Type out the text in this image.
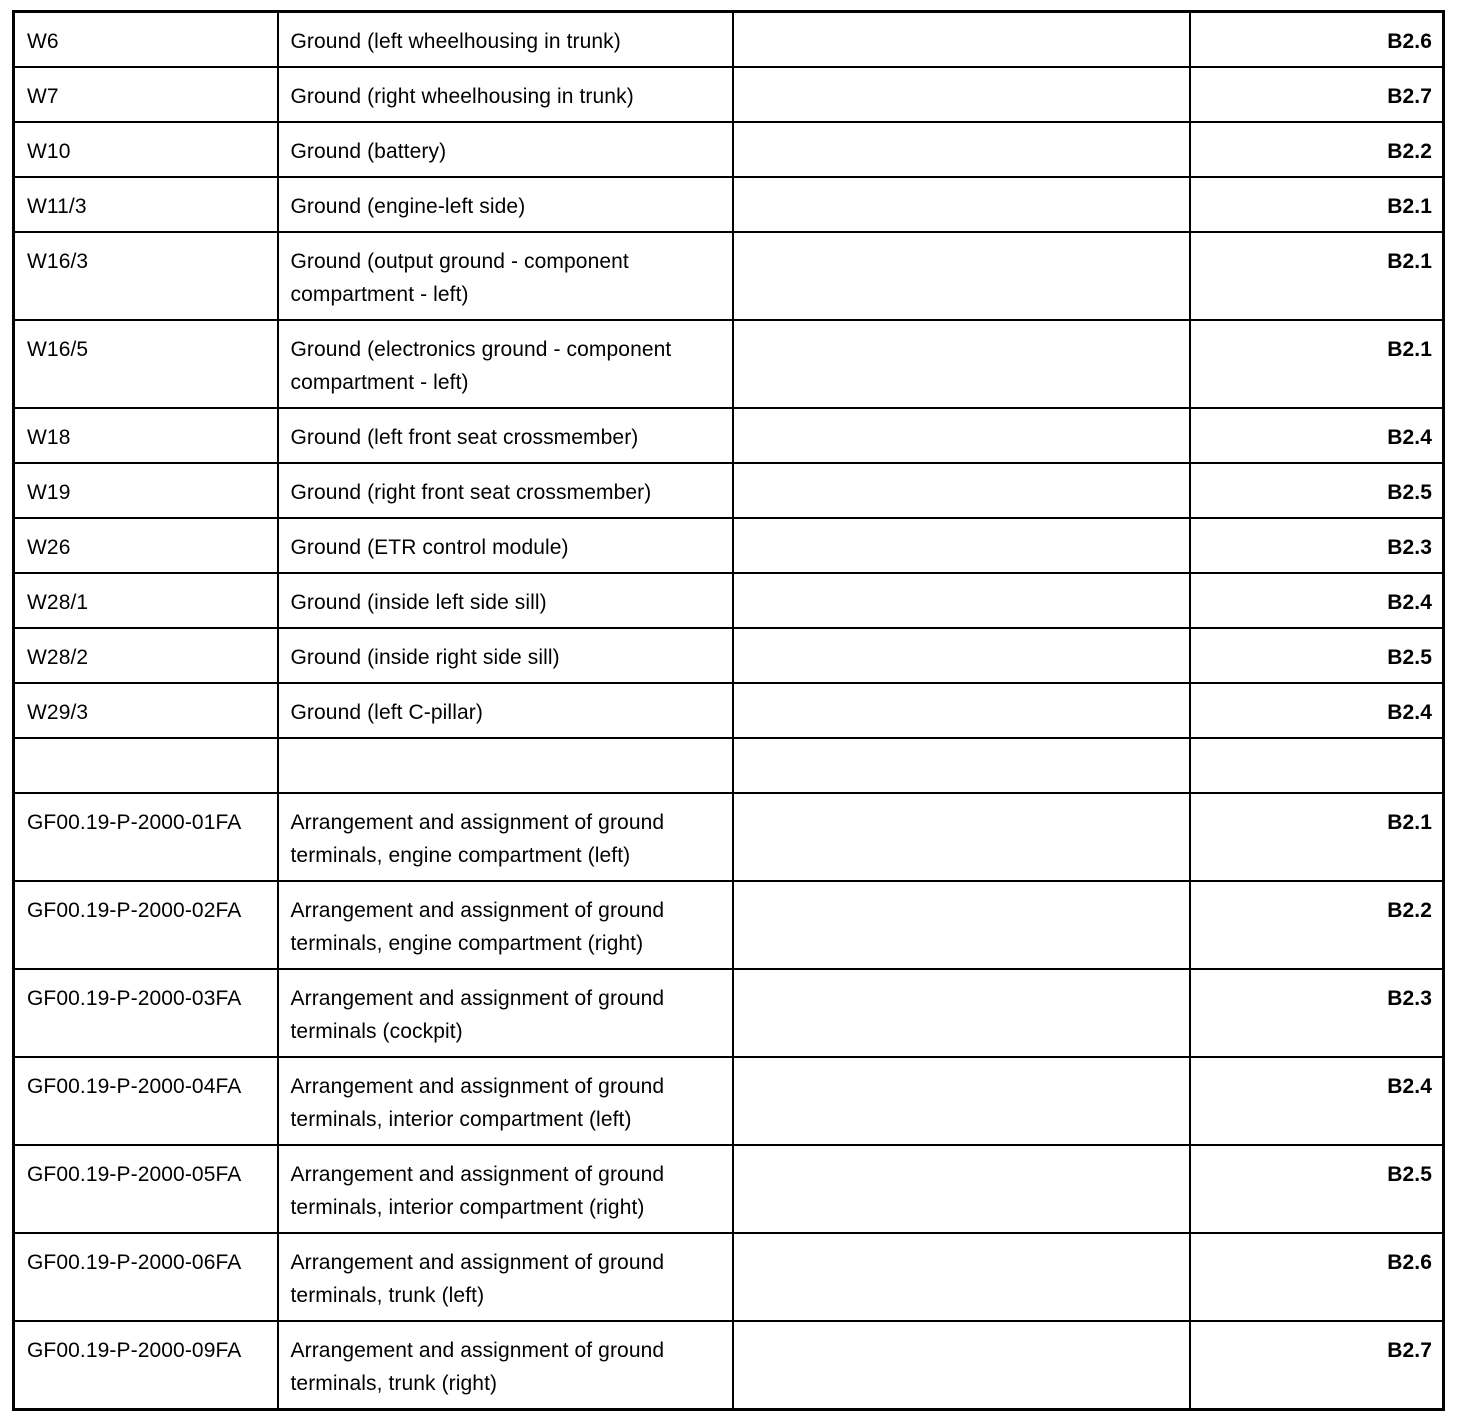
W6	Ground (left wheelhousing in trunk)		B2.6
W7	Ground (right wheelhousing in trunk)		B2.7
W10	Ground (battery)		B2.2
W11/3	Ground (engine-left side)		B2.1
W16/3	Ground (output ground - component compartment - left)		B2.1
W16/5	Ground (electronics ground - component compartment - left)		B2.1
W18	Ground (left front seat crossmember)		B2.4
W19	Ground (right front seat crossmember)		B2.5
W26	Ground (ETR control module)		B2.3
W28/1	Ground (inside left side sill)		B2.4
W28/2	Ground (inside right side sill)		B2.5
W29/3	Ground (left C-pillar)		B2.4

GF00.19-P-2000-01FA	Arrangement and assignment of ground terminals, engine compartment (left)		B2.1
GF00.19-P-2000-02FA	Arrangement and assignment of ground terminals, engine compartment (right)		B2.2
GF00.19-P-2000-03FA	Arrangement and assignment of ground terminals (cockpit)		B2.3
GF00.19-P-2000-04FA	Arrangement and assignment of ground terminals, interior compartment (left)		B2.4
GF00.19-P-2000-05FA	Arrangement and assignment of ground terminals, interior compartment (right)		B2.5
GF00.19-P-2000-06FA	Arrangement and assignment of ground terminals, trunk (left)		B2.6
GF00.19-P-2000-09FA	Arrangement and assignment of ground terminals, trunk (right)		B2.7
